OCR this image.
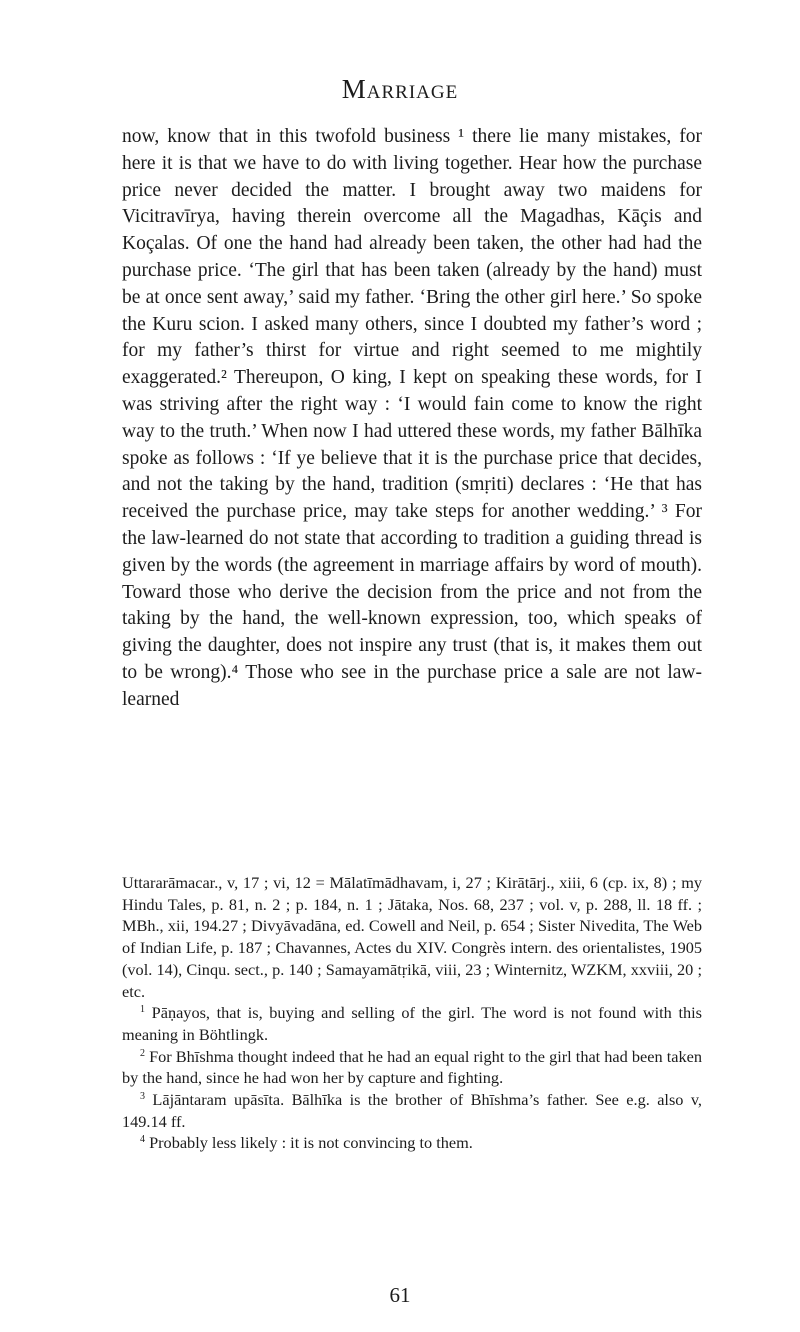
Marriage

now, know that in this twofold business ¹ there lie many mistakes, for here it is that we have to do with living together. Hear how the purchase price never decided the matter. I brought away two maidens for Vicitravīrya, having therein overcome all the Magadhas, Kāçis and Koçalas. Of one the hand had already been taken, the other had had the purchase price. ‘The girl that has been taken (already by the hand) must be at once sent away,’ said my father. ‘Bring the other girl here.’ So spoke the Kuru scion. I asked many others, since I doubted my father’s word ; for my father’s thirst for virtue and right seemed to me mightily exaggerated.² Thereupon, O king, I kept on speaking these words, for I was striving after the right way : ‘I would fain come to know the right way to the truth.’ When now I had uttered these words, my father Bālhīka spoke as follows : ‘If ye believe that it is the purchase price that decides, and not the taking by the hand, tradition (smṛiti) declares : ‘He that has received the purchase price, may take steps for another wedding.’ ³ For the law-learned do not state that according to tradition a guiding thread is given by the words (the agreement in marriage affairs by word of mouth). Toward those who derive the decision from the price and not from the taking by the hand, the well-known expression, too, which speaks of giving the daughter, does not inspire any trust (that is, it makes them out to be wrong).⁴ Those who see in the purchase price a sale are not law-learned

Uttararāmacar., v, 17 ; vi, 12 = Mālatīmādhavam, i, 27 ; Kirātārj., xiii, 6 (cp. ix, 8) ; my Hindu Tales, p. 81, n. 2 ; p. 184, n. 1 ; Jātaka, Nos. 68, 237 ; vol. v, p. 288, ll. 18 ff. ; MBh., xii, 194.27 ; Divyāvadāna, ed. Cowell and Neil, p. 654 ; Sister Nivedita, The Web of Indian Life, p. 187 ; Chavannes, Actes du XIV. Congrès intern. des orientalistes, 1905 (vol. 14), Cinqu. sect., p. 140 ; Samayamātṛikā, viii, 23 ; Winternitz, WZKM, xxviii, 20 ; etc.

$^1$ Pāṇayos, that is, buying and selling of the girl. The word is not found with this meaning in Böhtlingk.

$^2$ For Bhīshma thought indeed that he had an equal right to the girl that had been taken by the hand, since he had won her by capture and fighting.

$^3$ Lājāntaram upāsīta. Bālhīka is the brother of Bhīshma’s father. See e.g. also v, 149.14 ff.

$^4$ Probably less likely : it is not convincing to them.

61
